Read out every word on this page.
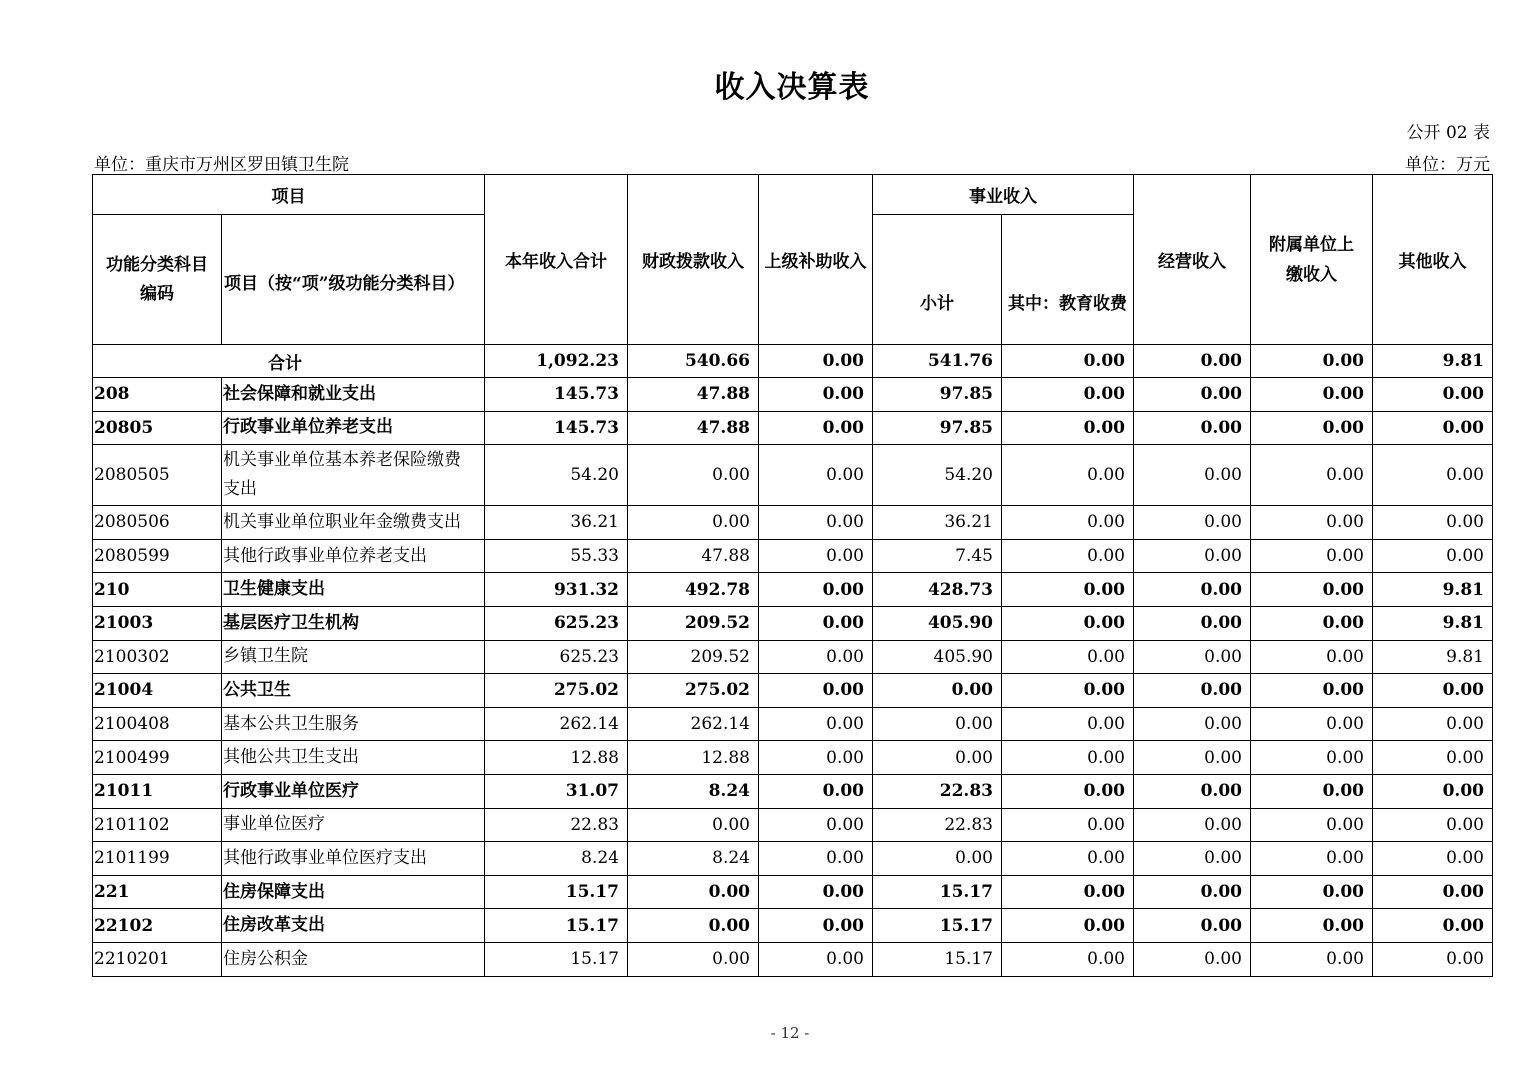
收入决算表
公开 02 表
单位：重庆市万州区罗田镇卫生院	单位：万元
项目		本年收入合计	财政拨款收入	上级补助收入	事业收入		经营收入	附属单位上缴收入	其他收入
功能分类科目编码	项目（按“项”级功能分类科目）				小计	其中：教育收费			
合计		1,092.23	540.66	0.00	541.76	0.00	0.00	0.00	9.81
208	社会保障和就业支出	145.73	47.88	0.00	97.85	0.00	0.00	0.00	0.00
20805	行政事业单位养老支出	145.73	47.88	0.00	97.85	0.00	0.00	0.00	0.00
2080505	机关事业单位基本养老保险缴费支出	54.20	0.00	0.00	54.20	0.00	0.00	0.00	0.00
2080506	机关事业单位职业年金缴费支出	36.21	0.00	0.00	36.21	0.00	0.00	0.00	0.00
2080599	其他行政事业单位养老支出	55.33	47.88	0.00	7.45	0.00	0.00	0.00	0.00
210	卫生健康支出	931.32	492.78	0.00	428.73	0.00	0.00	0.00	9.81
21003	基层医疗卫生机构	625.23	209.52	0.00	405.90	0.00	0.00	0.00	9.81
2100302	乡镇卫生院	625.23	209.52	0.00	405.90	0.00	0.00	0.00	9.81
21004	公共卫生	275.02	275.02	0.00	0.00	0.00	0.00	0.00	0.00
2100408	基本公共卫生服务	262.14	262.14	0.00	0.00	0.00	0.00	0.00	0.00
2100499	其他公共卫生支出	12.88	12.88	0.00	0.00	0.00	0.00	0.00	0.00
21011	行政事业单位医疗	31.07	8.24	0.00	22.83	0.00	0.00	0.00	0.00
2101102	事业单位医疗	22.83	0.00	0.00	22.83	0.00	0.00	0.00	0.00
2101199	其他行政事业单位医疗支出	8.24	8.24	0.00	0.00	0.00	0.00	0.00	0.00
221	住房保障支出	15.17	0.00	0.00	15.17	0.00	0.00	0.00	0.00
22102	住房改革支出	15.17	0.00	0.00	15.17	0.00	0.00	0.00	0.00
2210201	住房公积金	15.17	0.00	0.00	15.17	0.00	0.00	0.00	0.00
- 12 -
